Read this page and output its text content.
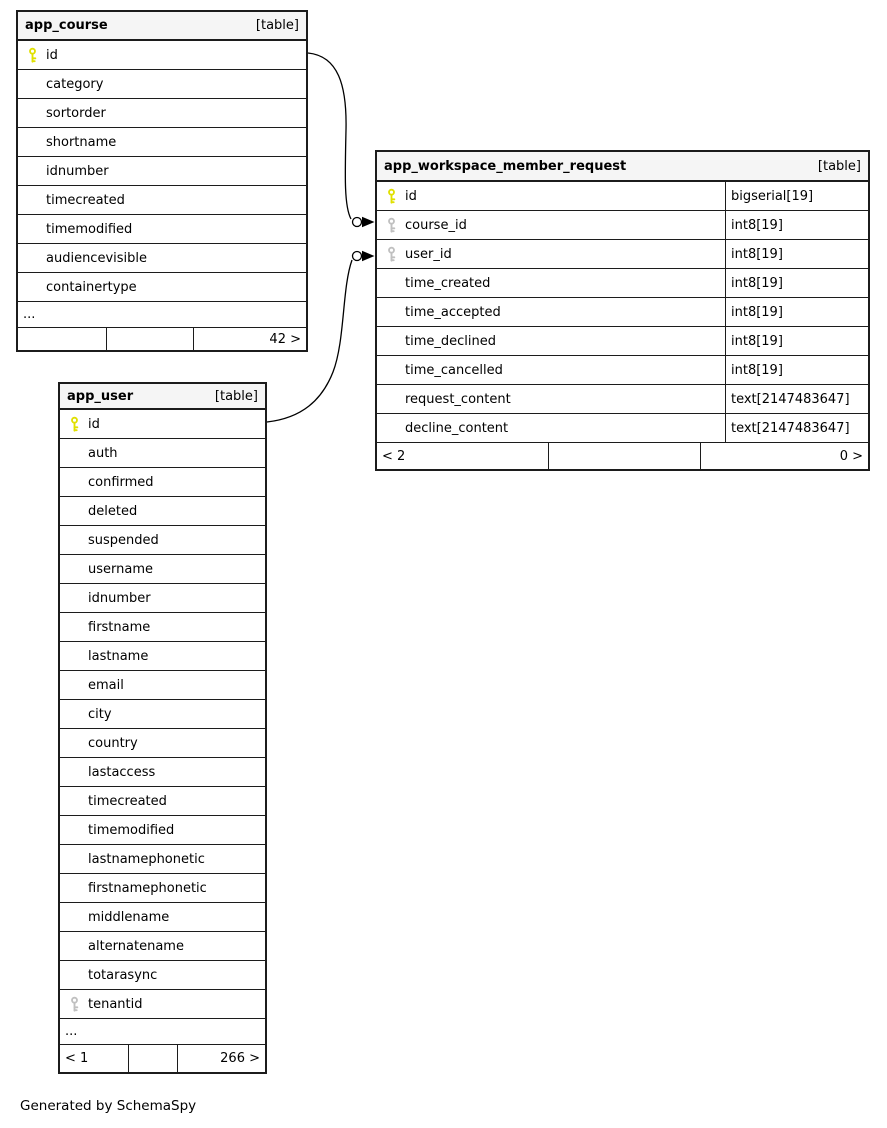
app_course	[table]
id
category
sortorder
shortname
idnumber
timecreated
timemodified
audiencevisible
containertype
...
42 >
app_workspace_member_request	[table]
id	bigserial[19]
course_id	int8[19]
user_id	int8[19]
time_created	int8[19]
time_accepted	int8[19]
time_declined	int8[19]
time_cancelled	int8[19]
request_content	text[2147483647]
decline_content	text[2147483647]
< 2	0 >
app_user	[table]
id
auth
confirmed
deleted
suspended
username
idnumber
firstname
lastname
email
city
country
lastaccess
timecreated
timemodified
lastnamephonetic
firstnamephonetic
middlename
alternatename
totarasync
tenantid
...
< 1	266 >
Generated by SchemaSpy
